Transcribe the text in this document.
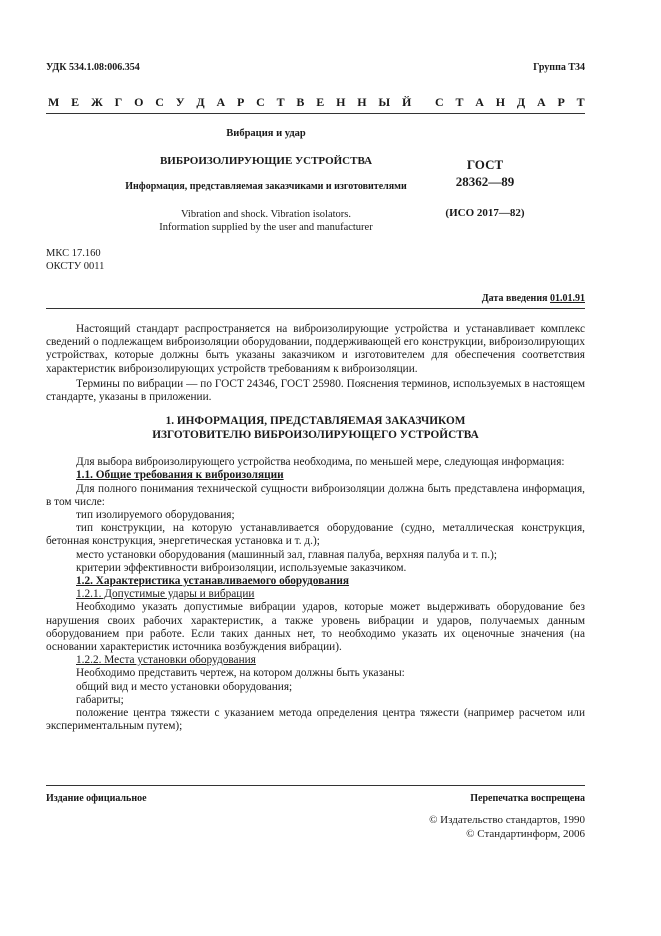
УДК 534.1.08:006.354	Группа Т34
М Е Ж Г О С У Д А Р С Т В Е Н Н Ы Й С Т А Н Д А Р Т
Вибрация и удар
ВИБРОИЗОЛИРУЮЩИЕ УСТРОЙСТВА
Информация, представляемая заказчиками и изготовителями
Vibration and shock. Vibration isolators.
Information supplied by the user and manufacturer
ГОСТ
28362—89
(ИСО 2017—82)
МКС 17.160
ОКСТУ 0011
Дата введения 01.01.91

Настоящий стандарт распространяется на виброизолирующие устройства и устанавливает комплекс сведений о подлежащем виброизоляции оборудовании, поддерживающей его конструкции, виброизолирующих устройствах, которые должны быть указаны заказчиком и изготовителем для обеспечения соответствия характеристик виброизолирующих устройств требованиям к виброизоляции.

Термины по вибрации — по ГОСТ 24346, ГОСТ 25980. Пояснения терминов, используемых в настоящем стандарте, указаны в приложении.

1. ИНФОРМАЦИЯ, ПРЕДСТАВЛЯЕМАЯ ЗАКАЗЧИКОМ
ИЗГОТОВИТЕЛЮ ВИБРОИЗОЛИРУЮЩЕГО УСТРОЙСТВА

Для выбора виброизолирующего устройства необходима, по меньшей мере, следующая информация:

1.1. Общие требования к виброизоляции

Для полного понимания технической сущности виброизоляции должна быть представлена информация, в том числе:

тип изолируемого оборудования;

тип конструкции, на которую устанавливается оборудование (судно, металлическая конструкция, бетонная конструкция, энергетическая установка и т. д.);

место установки оборудования (машинный зал, главная палуба, верхняя палуба и т. п.);

критерии эффективности виброизоляции, используемые заказчиком.

1.2. Характеристика устанавливаемого оборудования

1.2.1. Допустимые удары и вибрации

Необходимо указать допустимые вибрации ударов, которые может выдерживать оборудование без нарушения своих рабочих характеристик, а также уровень вибрации и ударов, получаемых данным оборудованием при работе. Если таких данных нет, то необходимо указать их оценочные значения (на основании характеристик источника возбуждения вибрации).

1.2.2. Места установки оборудования

Необходимо представить чертеж, на котором должны быть указаны:

общий вид и место установки оборудования;

габариты;

положение центра тяжести с указанием метода определения центра тяжести (например расчетом или экспериментальным путем);

Издание официальное	Перепечатка воспрещена
© Издательство стандартов, 1990
© Стандартинформ, 2006
